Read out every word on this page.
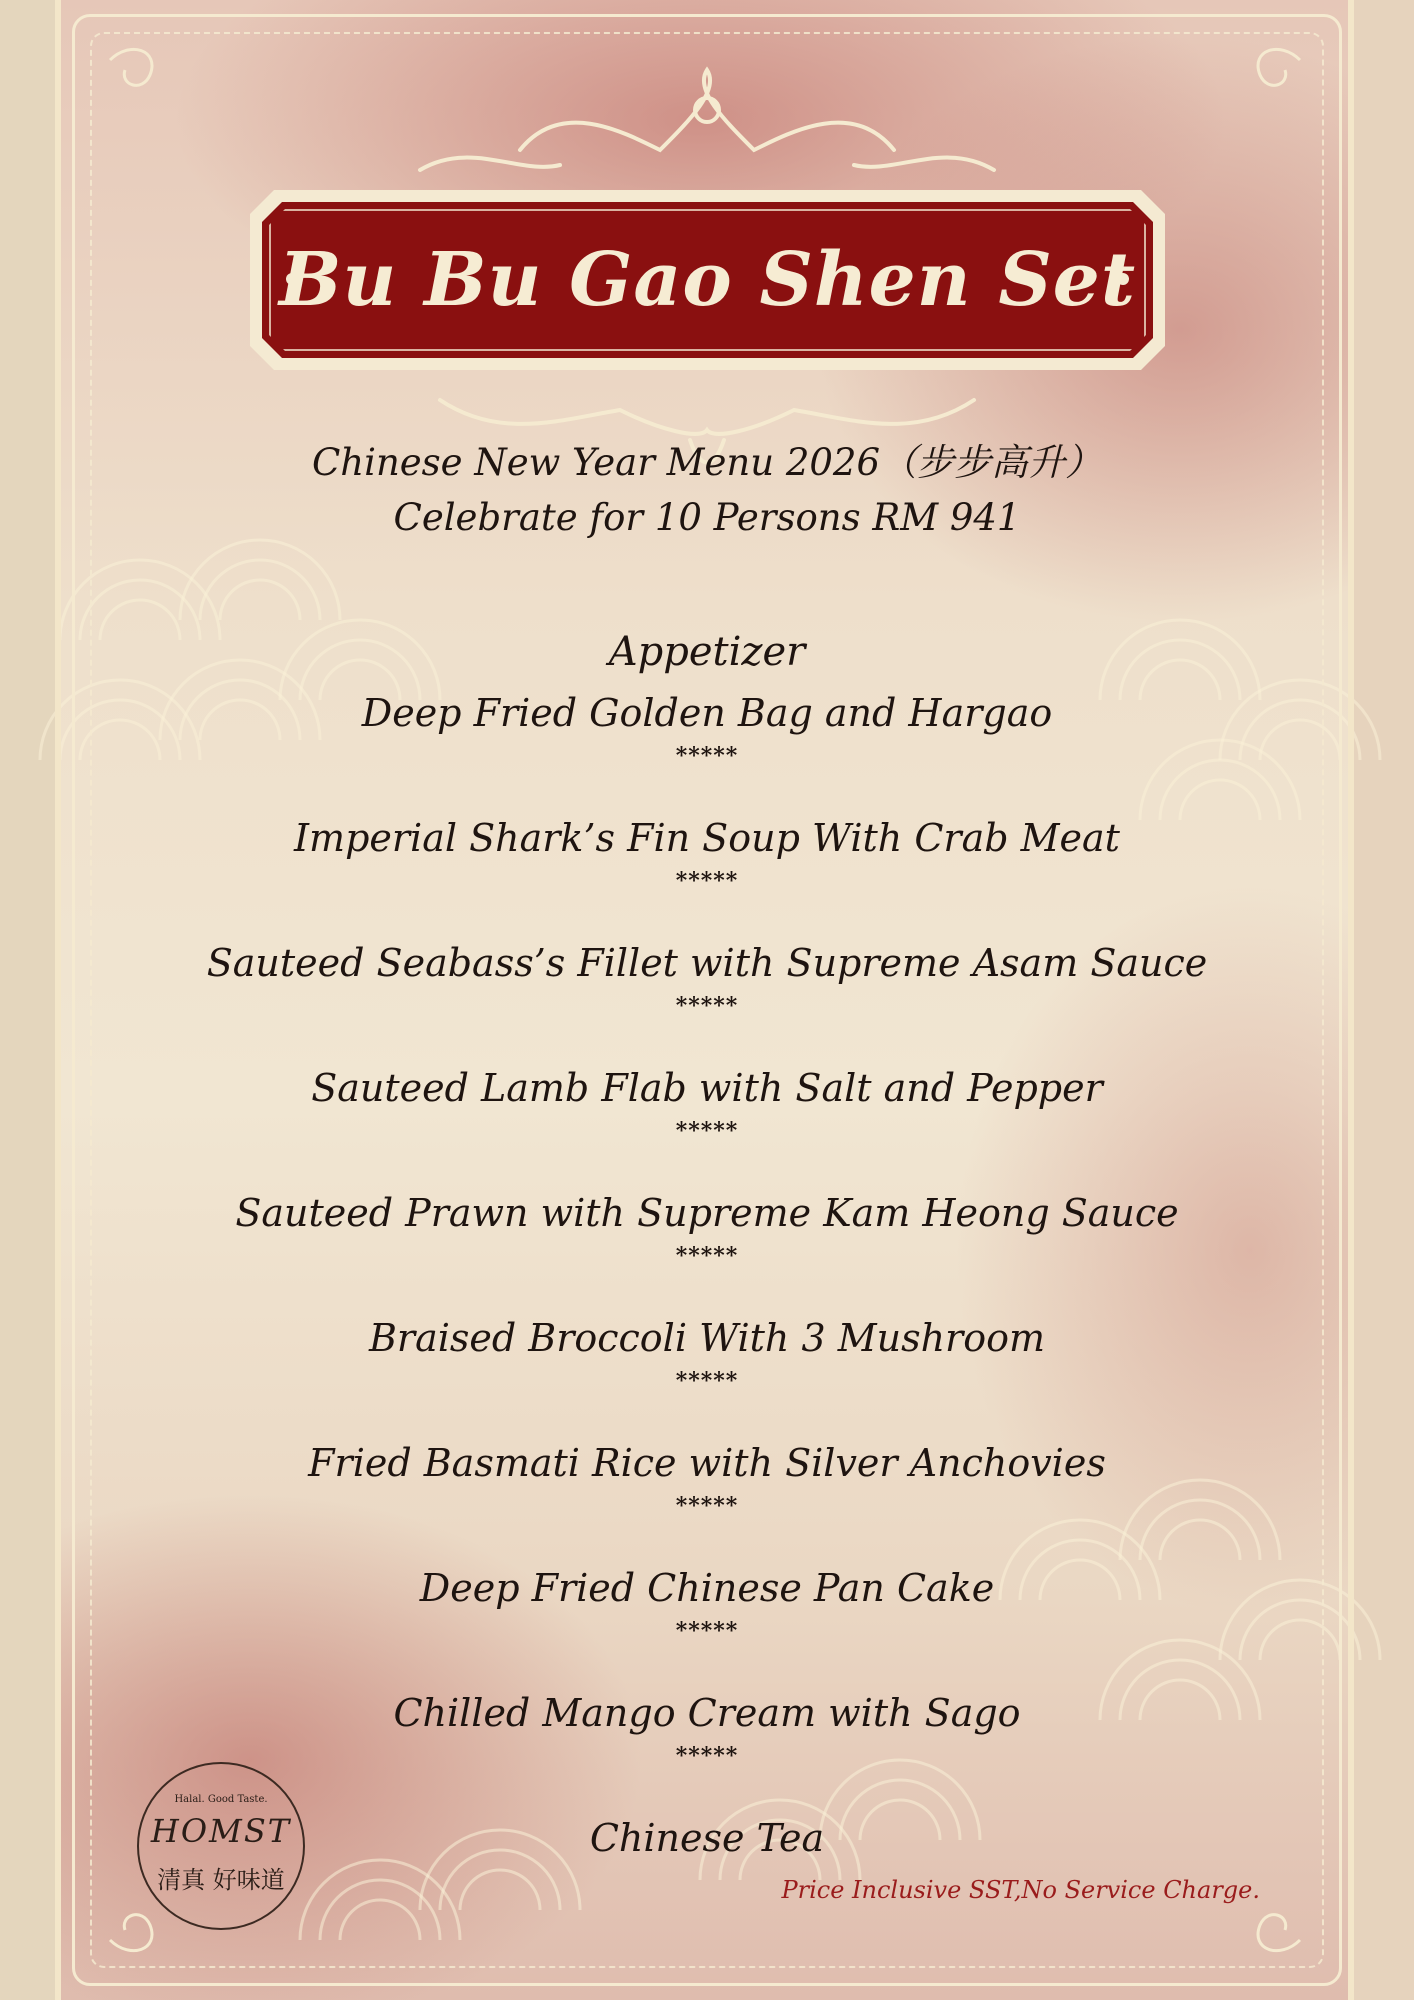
Bu Bu Gao Shen Set
Chinese New Year Menu 2026（步步高升）
Celebrate for 10 Persons RM 941
Appetizer
Deep Fried Golden Bag and Hargao
*****
Imperial Shark’s Fin Soup With Crab Meat
*****
Sauteed Seabass’s Fillet with Supreme Asam Sauce
*****
Sauteed Lamb Flab with Salt and Pepper
*****
Sauteed Prawn with Supreme Kam Heong Sauce
*****
Braised Broccoli With 3 Mushroom
*****
Fried Basmati Rice with Silver Anchovies
*****
Deep Fried Chinese Pan Cake
*****
Chilled Mango Cream with Sago
*****
Chinese Tea
Halal. Good Taste.
HOMST
清真 好味道	Price Inclusive SST,No Service Charge.
